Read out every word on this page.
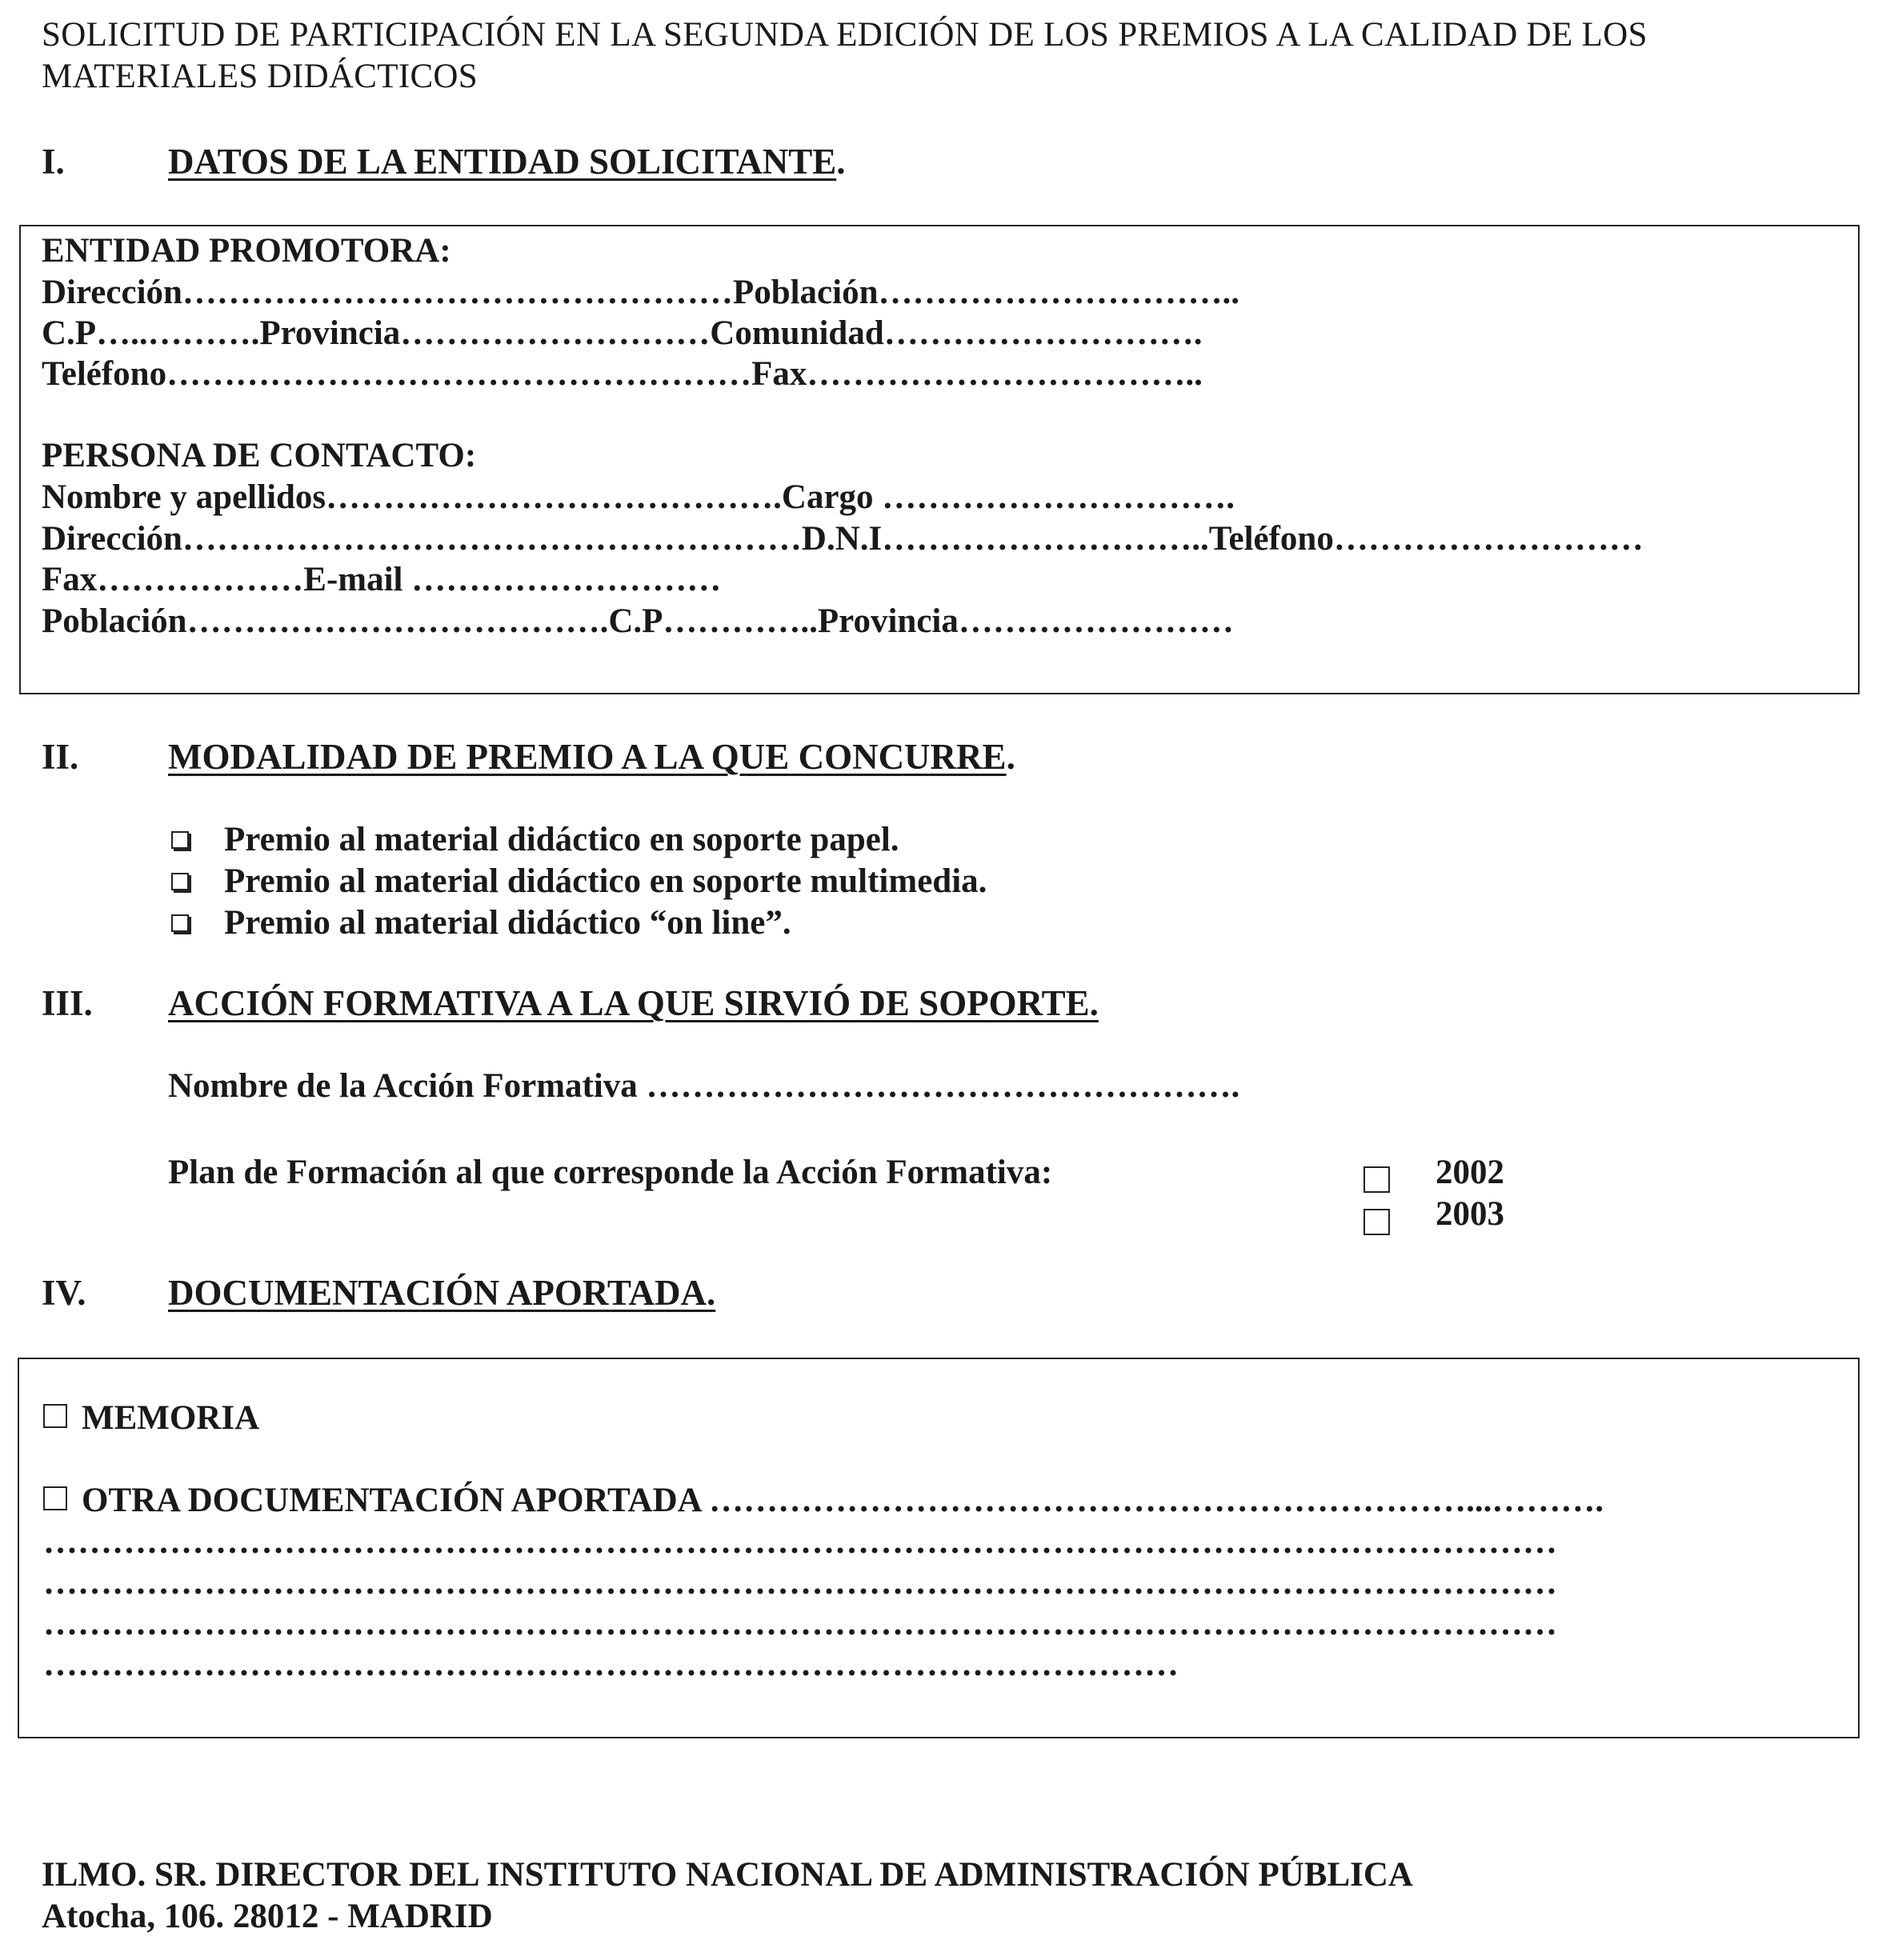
SOLICITUD DE PARTICIPACIÓN EN LA SEGUNDA EDICIÓN DE LOS PREMIOS A LA CALIDAD DE LOS MATERIALES DIDÁCTICOS
I.	DATOS DE LA ENTIDAD SOLICITANTE.
ENTIDAD PROMOTORA:
Dirección…………………………………………Población…………………………..
C.P…..……….Provincia………………………Comunidad……………………….
Teléfono……………………………………………Fax……………………………..
PERSONA DE CONTACTO:
Nombre y apellidos………………………………….Cargo ………………………….
Dirección………………………………………………D.N.I………………………..Teléfono………………………
Fax………………E-mail ………………………
Población……………………………….C.P…………..Provincia……………………
II. MODALIDAD DE PREMIO A LA QUE CONCURRE.
Premio al material didáctico en soporte papel.
Premio al material didáctico en soporte multimedia.
Premio al material didáctico “on line”.
III. ACCIÓN FORMATIVA A LA QUE SIRVIÓ DE SOPORTE.
Nombre de la Acción Formativa …………………………………………….
Plan de Formación al que corresponde la Acción Formativa:	2002
2003
IV. DOCUMENTACIÓN APORTADA.
MEMORIA
OTRA DOCUMENTACIÓN APORTADA …………………………………………………………...……….
……………………………………………………………………………………………………………………
……………………………………………………………………………………………………………………
……………………………………………………………………………………………………………………
………………………………………………………………………………………
ILMO. SR. DIRECTOR DEL INSTITUTO NACIONAL DE ADMINISTRACIÓN PÚBLICA
Atocha, 106. 28012 - MADRID
